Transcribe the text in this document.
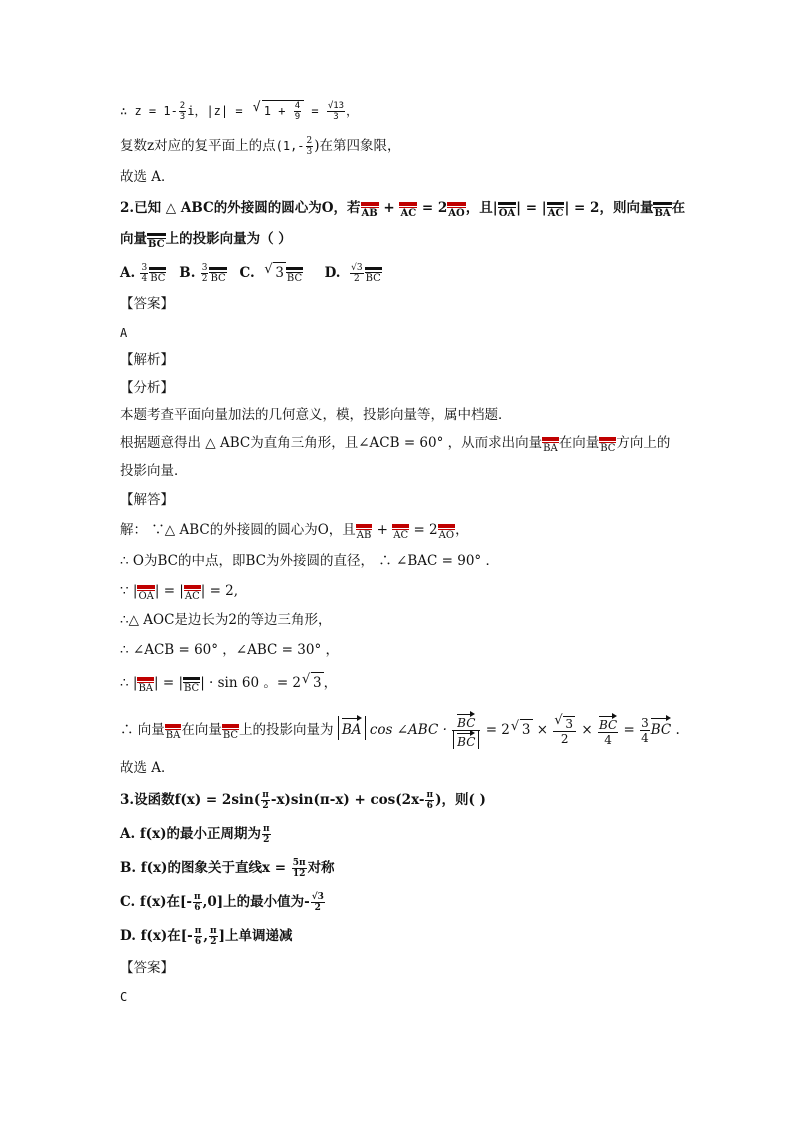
∴ $z = 1- \frac{2}{3}$ i，|z| = √ $1 + \frac{4}{9} = \frac{√13}{3}$ ，
复数z对应的复平面上的点($1,- \frac{2}{3}$ )在第四象限，
故选 A．
2.已知 △ ABC的外接圆的圆心为O，若 AB + AC = 2 AO ，且| OA | = | AC | = 2，则向量 BA 在
向量 BC 上的投影向量为（ ）
A. $\frac{3}{4}$ BC B. $\frac{3}{2}$ BC C.  √ 3 BC D. $\frac{√3}{2}$ BC
【答案】
A
【解析】
【分析】
本题考查平面向量加法的几何意义，模，投影向量等，属中档题．
根据题意得出 △ ABC为直角三角形，且∠ACB = 60° ，从而求出向量 BA 在向量 BC 方向上的
投影向量．
【解答】
解： ∵△ ABC的外接圆的圆心为O，且 AB + AC = 2 AO ，
∴ O为BC的中点，即BC为外接圆的直径， ∴ ∠BAC = 90° ．
∵ | OA | = | AC | = 2,
∴△ AOC是边长为2的等边三角形，
∴ ∠ACB = 60° ，∠ABC = 30° ，
∴ | BA | = | BC | · sin 60 。= 2√ 3 ，
∴ 向量 BA 在向量 BC 上的投影向量为 BA cos ∠ABC · $\frac{BC}{BC} = 2√$ 3 ×
√ $\frac{3}{2} \times \frac{BC}{4} = \frac{3}{4}$ BC .
故选 A．
3.设函数$f(x) = 2\sin( \frac{\pi}{2} -x)\sin(\pi-x) + \cos(2x- \frac{\pi}{6}$ )，则( )
A. f(x)的最小正周期为 $\frac{\pi}{2}$
B. f(x)的图象关于直线$x = \frac{5\pi}{12}$ 对称
C. f(x)在[- $\frac{\pi}{6} ,0$]上的最小值为- $\frac{√3}{2}$
D. f(x)在[- $\frac{\pi}{6}$ , $\frac{\pi}{2}$ ]上单调递减
【答案】
C
